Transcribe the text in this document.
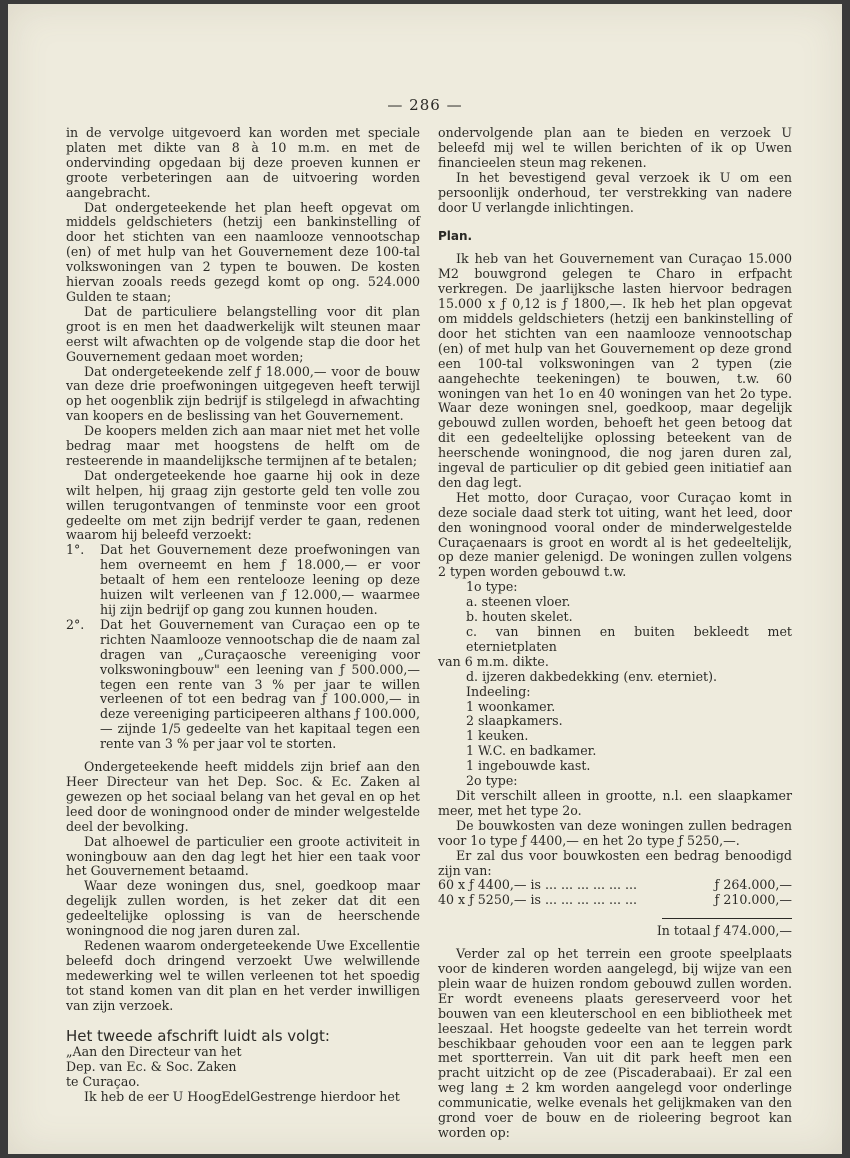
— 286 —

in de vervolge uitgevoerd kan worden met speciale platen met dikte van 8 à 10 m.m. en met de ondervinding opgedaan bij deze proeven kunnen er groote verbeteringen aan de uitvoering worden aangebracht.

Dat ondergeteekende het plan heeft opgevat om middels geldschieters (hetzij een bankinstelling of door het stichten van een naamlooze vennootschap (en) of met hulp van het Gouvernement deze 100-tal volkswoningen van 2 typen te bouwen. De kosten hiervan zooals reeds gezegd komt op ong. 524.000 Gulden te staan;

Dat de particuliere belangstelling voor dit plan groot is en men het daadwerkelijk wilt steunen maar eerst wilt afwachten op de volgende stap die door het Gouvernement gedaan moet worden;

Dat ondergeteekende zelf ƒ 18.000,— voor de bouw van deze drie proefwoningen uitgegeven heeft terwijl op het oogenblik zijn bedrijf is stilgelegd in afwachting van koopers en de beslissing van het Gouvernement.

De koopers melden zich aan maar niet met het volle bedrag maar met hoogstens de helft om de resteerende in maandelijksche termijnen af te betalen;

Dat ondergeteekende hoe gaarne hij ook in deze wilt helpen, hij graag zijn gestorte geld ten volle zou willen terugontvangen of tenminste voor een groot gedeelte om met zijn bedrijf verder te gaan, redenen waarom hij beleefd verzoekt:

1°. Dat het Gouvernement deze proefwoningen van hem overneemt en hem ƒ 18.000,— er voor betaalt of hem een rentelooze leening op deze huizen wilt verleenen van ƒ 12.000,— waarmee hij zijn bedrijf op gang zou kunnen houden.

2°. Dat het Gouvernement van Curaçao een op te richten Naamlooze vennootschap die de naam zal dragen van „Curaçaosche vereeniging voor volkswoningbouw" een leening van ƒ 500.000,— tegen een rente van 3 % per jaar te willen verleenen of tot een bedrag van ƒ 100.000,— in deze vereeniging participeeren althans ƒ 100.000,— zijnde 1/5 gedeelte van het kapitaal tegen een rente van 3 % per jaar vol te storten.

Ondergeteekende heeft middels zijn brief aan den Heer Directeur van het Dep. Soc. & Ec. Zaken al gewezen op het sociaal belang van het geval en op het leed door de woningnood onder de minder welgestelde deel der bevolking.

Dat alhoewel de particulier een groote activiteit in woningbouw aan den dag legt het hier een taak voor het Gouvernement betaamd.

Waar deze woningen dus, snel, goedkoop maar degelijk zullen worden, is het zeker dat dit een gedeeltelijke oplossing is van de heerschende woningnood die nog jaren duren zal.

Redenen waarom ondergeteekende Uwe Excellentie beleefd doch dringend verzoekt Uwe welwillende medewerking wel te willen verleenen tot het spoedig tot stand komen van dit plan en het verder inwilligen van zijn verzoek.

Het tweede afschrift luidt als volgt:

„Aan den Directeur van het

Dep. van Ec. & Soc. Zaken

te Curaçao.

Ik heb de eer U HoogEdelGestrenge hierdoor het

ondervolgende plan aan te bieden en verzoek U beleefd mij wel te willen berichten of ik op Uwen financieelen steun mag rekenen.

In het bevestigend geval verzoek ik U om een persoonlijk onderhoud, ter verstrekking van nadere door U verlangde inlichtingen.

Plan.

Ik heb van het Gouvernement van Curaçao 15.000 M2 bouwgrond gelegen te Charo in erfpacht verkregen. De jaarlijksche lasten hiervoor bedragen 15.000 x ƒ 0,12 is ƒ 1800,—. Ik heb het plan opgevat om middels geldschieters (hetzij een bankinstelling of door het stichten van een naamlooze vennootschap (en) of met hulp van het Gouvernement op deze grond een 100-tal volkswoningen van 2 typen (zie aangehechte teekeningen) te bouwen, t.w. 60 woningen van het 1o en 40 woningen van het 2o type. Waar deze woningen snel, goedkoop, maar degelijk gebouwd zullen worden, behoeft het geen betoog dat dit een gedeeltelijke oplossing beteekent van de heerschende woningnood, die nog jaren duren zal, ingeval de particulier op dit gebied geen initiatief aan den dag legt.

Het motto, door Curaçao, voor Curaçao komt in deze sociale daad sterk tot uiting, want het leed, door den woningnood vooral onder de minderwelgestelde Curaçaenaars is groot en wordt al is het gedeeltelijk, op deze manier gelenigd. De woningen zullen volgens 2 typen worden gebouwd t.w.

1o type:

a. steenen vloer.

b. houten skelet.

c. van binnen en buiten bekleedt met eternietplaten

van 6 m.m. dikte.

d. ijzeren dakbedekking (env. eterniet).

Indeeling:

1 woonkamer.

2 slaapkamers.

1 keuken.

1 W.C. en badkamer.

1 ingebouwde kast.

2o type:

Dit verschilt alleen in grootte, n.l. een slaapkamer meer, met het type 2o.

De bouwkosten van deze woningen zullen bedragen voor 1o type ƒ 4400,— en het 2o type ƒ 5250,—.

Er zal dus voor bouwkosten een bedrag benoodigd zijn van:

60 x ƒ 4400,— is ... ... ... ... ... ...	ƒ 264.000,—
40 x ƒ 5250,— is ... ... ... ... ... ...	ƒ 210.000,—

In totaal ƒ 474.000,—

Verder zal op het terrein een groote speelplaats voor de kinderen worden aangelegd, bij wijze van een plein waar de huizen rondom gebouwd zullen worden. Er wordt eveneens plaats gereserveerd voor het bouwen van een kleuterschool en een bibliotheek met leeszaal. Het hoogste gedeelte van het terrein wordt beschikbaar gehouden voor een aan te leggen park met sportterrein. Van uit dit park heeft men een pracht uitzicht op de zee (Piscaderabaai). Er zal een weg lang ± 2 km worden aangelegd voor onderlinge communicatie, welke evenals het gelijkmaken van den grond voer de bouw en de rioleering begroot kan worden op:
